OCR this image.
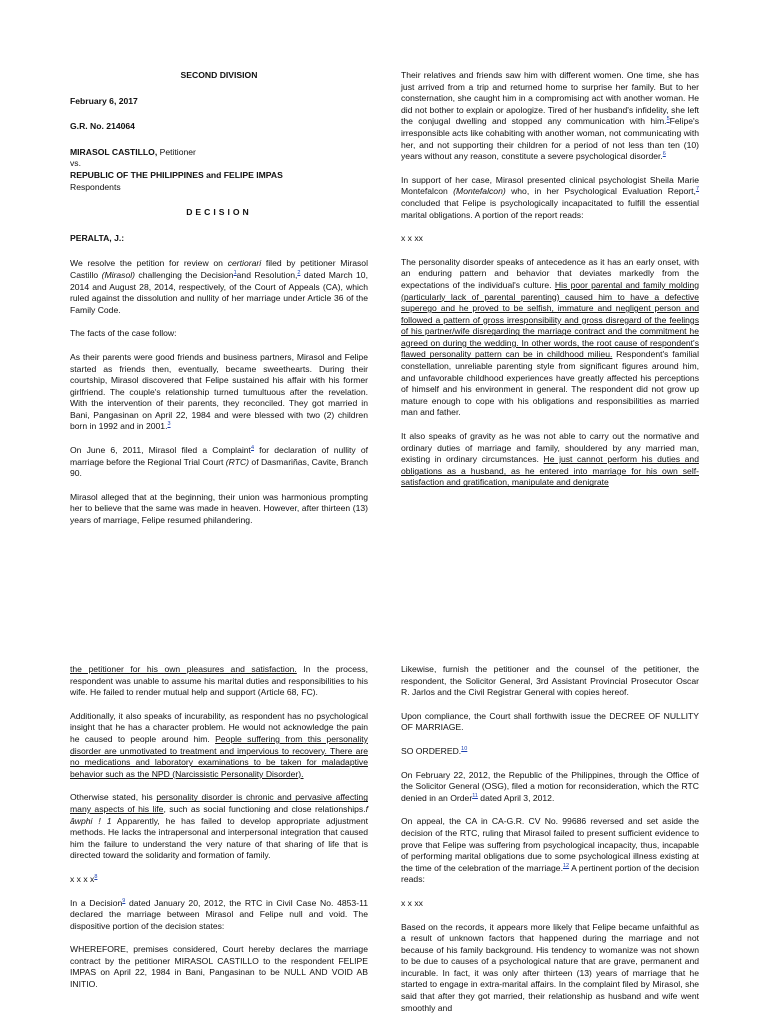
SECOND DIVISION

February 6, 2017

G.R. No. 214064

MIRASOL CASTILLO, Petitioner

vs.

REPUBLIC OF THE PHILIPPINES and FELIPE IMPAS

Respondents

DECISION

PERALTA, J.:

We resolve the petition for review on certiorari filed by petitioner Mirasol Castillo (Mirasol) challenging the Decision$^1$and Resolution,$^2$ dated March 10, 2014 and August 28, 2014, respectively, of the Court of Appeals (CA), which ruled against the dissolution and nullity of her marriage under Article 36 of the Family Code.

The facts of the case follow:

As their parents were good friends and business partners, Mirasol and Felipe started as friends then, eventually, became sweethearts. During their courtship, Mirasol discovered that Felipe sustained his affair with his former girlfriend. The couple's relationship turned tumultuous after the revelation. With the intervention of their parents, they reconciled. They got married in Bani, Pangasinan on April 22, 1984 and were blessed with two (2) children born in 1992 and in 2001.$^3$

On June 6, 2011, Mirasol filed a Complaint$^4$ for declaration of nullity of marriage before the Regional Trial Court (RTC) of Dasmariñas, Cavite, Branch 90.

Mirasol alleged that at the beginning, their union was harmonious prompting her to believe that the same was made in heaven. However, after thirteen (13) years of marriage, Felipe resumed philandering.

Their relatives and friends saw him with different women. One time, she has just arrived from a trip and returned home to surprise her family. But to her consternation, she caught him in a compromising act with another woman. He did not bother to explain or apologize. Tired of her husband's infidelity, she left the conjugal dwelling and stopped any communication with him.$^5$Felipe's irresponsible acts like cohabiting with another woman, not communicating with her, and not supporting their children for a period of not less than ten (10) years without any reason, constitute a severe psychological disorder.$^6$

In support of her case, Mirasol presented clinical psychologist Sheila Marie Montefalcon (Montefalcon) who, in her Psychological Evaluation Report,$^7$ concluded that Felipe is psychologically incapacitated to fulfill the essential marital obligations. A portion of the report reads:

x x xx

The personality disorder speaks of antecedence as it has an early onset, with an enduring pattern and behavior that deviates markedly from the expectations of the individual's culture. His poor parental and family molding (particularly lack of parental parenting) caused him to have a defective superego and he proved to be selfish, immature and negligent person and followed a pattern of gross irresponsibility and gross disregard of the feelings of his partner/wife disregarding the marriage contract and the commitment he agreed on during the wedding. In other words, the root cause of respondent's flawed personality pattern can be in childhood milieu. Respondent's familial constellation, unreliable parenting style from significant figures around him, and unfavorable childhood experiences have greatly affected his perceptions of himself and his environment in general. The respondent did not grow up mature enough to cope with his obligations and responsibilities as married man and father.

It also speaks of gravity as he was not able to carry out the normative and ordinary duties of marriage and family, shouldered by any married man, existing in ordinary circumstances. He just cannot perform his duties and obligations as a husband, as he entered into marriage for his own self-satisfaction and gratification, manipulate and denigrate

the petitioner for his own pleasures and satisfaction. In the process, respondent was unable to assume his marital duties and responsibilities to his wife. He failed to render mutual help and support (Article 68, FC).

Additionally, it also speaks of incurability, as respondent has no psychological insight that he has a character problem. He would not acknowledge the pain he caused to people around him. People suffering from this personality disorder are unmotivated to treatment and impervious to recovery. There are no medications and laboratory examinations to be taken for maladaptive behavior such as the NPD (Narcissistic Personality Disorder).

Otherwise stated, his personality disorder is chronic and pervasive affecting many aspects of his life, such as social functioning and close relationships.f âwphi ! 1 Apparently, he has failed to develop appropriate adjustment methods. He lacks the intrapersonal and interpersonal integration that caused him the failure to understand the very nature of that sharing of life that is directed toward the solidarity and formation of family.

x x x $x^8$

In a Decision$^9$ dated January 20, 2012, the RTC in Civil Case No. 4853-11 declared the marriage between Mirasol and Felipe null and void. The dispositive portion of the decision states:

WHEREFORE, premises considered, Court hereby declares the marriage contract by the petitioner MIRASOL CASTILLO to the respondent FELIPE IMPAS on April 22, 1984 in Bani, Pangasinan to be NULL AND VOID AB INITIO.

Likewise, furnish the petitioner and the counsel of the petitioner, the respondent, the Solicitor General, 3rd Assistant Provincial Prosecutor Oscar R. Jarlos and the Civil Registrar General with copies hereof.

Upon compliance, the Court shall forthwith issue the DECREE OF NULLITY OF MARRIAGE.

SO ORDERED.$^{10}$

On February 22, 2012, the Republic of the Philippines, through the Office of the Solicitor General (OSG), filed a motion for reconsideration, which the RTC denied in an Order$^{11}$ dated April 3, 2012.

On appeal, the CA in CA-G.R. CV No. 99686 reversed and set aside the decision of the RTC, ruling that Mirasol failed to present sufficient evidence to prove that Felipe was suffering from psychological incapacity, thus, incapable of performing marital obligations due to some psychological illness existing at the time of the celebration of the marriage.$^{12}$ A pertinent portion of the decision reads:

x x xx

Based on the records, it appears more likely that Felipe became unfaithful as a result of unknown factors that happened during the marriage and not because of his family background. His tendency to womanize was not shown to be due to causes of a psychological nature that are grave, permanent and incurable. In fact, it was only after thirteen (13) years of marriage that he started to engage in extra-marital affairs. In the complaint filed by Mirasol, she said that after they got married, their relationship as husband and wife went smoothly and
